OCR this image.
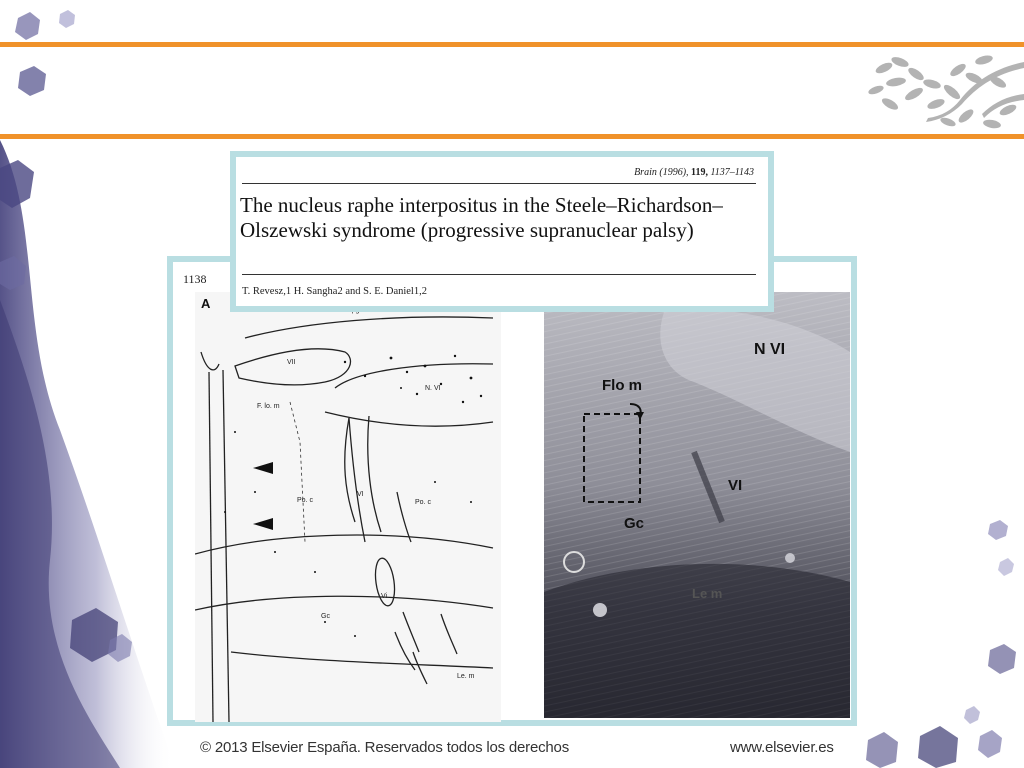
1138
VII
F. lo. m
N. VI
Po. c
VI
Po. c
Vi
Gc
Le. m
A
N VI
Flo m
VI
Gc
Le m
Brain (1996), 119, 1137–1143
The nucleus raphe interpositus in the Steele–Richardson–Olszewski syndrome (progressive supranuclear palsy)
T. Revesz,1 H. Sangha2 and S. E. Daniel1,2
© 2013 Elsevier España. Reservados todos los derechos	www.elsevier.es
